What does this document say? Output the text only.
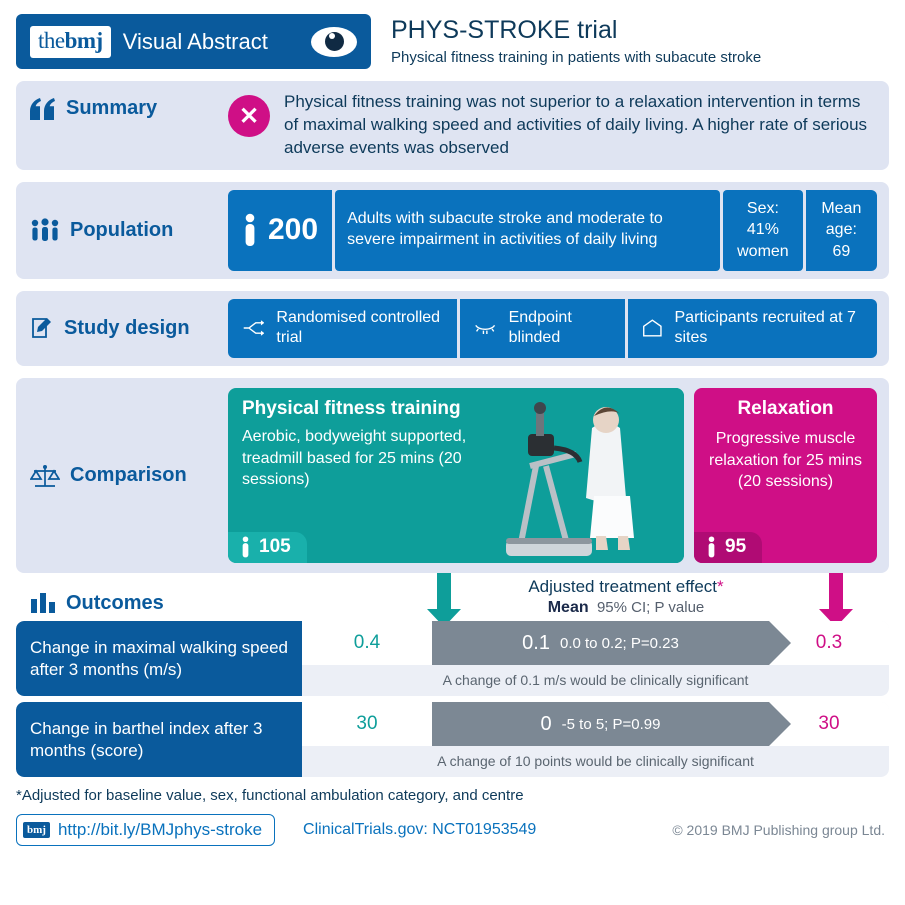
thebmj Visual Abstract	PHYS-STROKE trial
Physical fitness training in patients with subacute stroke
Summary	✕
Physical fitness training was not superior to a relaxation intervention in terms of maximal walking speed and activities of daily living. A higher rate of serious adverse events was observed
Population	200	Adults with subacute stroke and moderate to severe impairment in activities of daily living
Sex:
41% women
Mean age:
69
Study design	Randomised controlled trial
Endpoint blinded
Participants recruited at 7 sites
Comparison
Physical fitness training
Aerobic, bodyweight supported, treadmill based for 25 mins (20 sessions)
105
Relaxation
Progressive muscle relaxation for 25 mins (20 sessions)
95
Adjusted treatment effect*
Mean 95% CI; P value
Outcomes
Change in maximal walking speed after 3 months (m/s)
0.4	0.1 0.0 to 0.2; P=0.23	0.3
A change of 0.1 m/s would be clinically significant
Change in barthel index after 3 months (score)
30	0 -5 to 5; P=0.99	30
A change of 10 points would be clinically significant
*Adjusted for baseline value, sex, functional ambulation category, and centre
bmj http://bit.ly/BMJphys-stroke	ClinicalTrials.gov: NCT01953549	© 2019 BMJ Publishing group Ltd.
